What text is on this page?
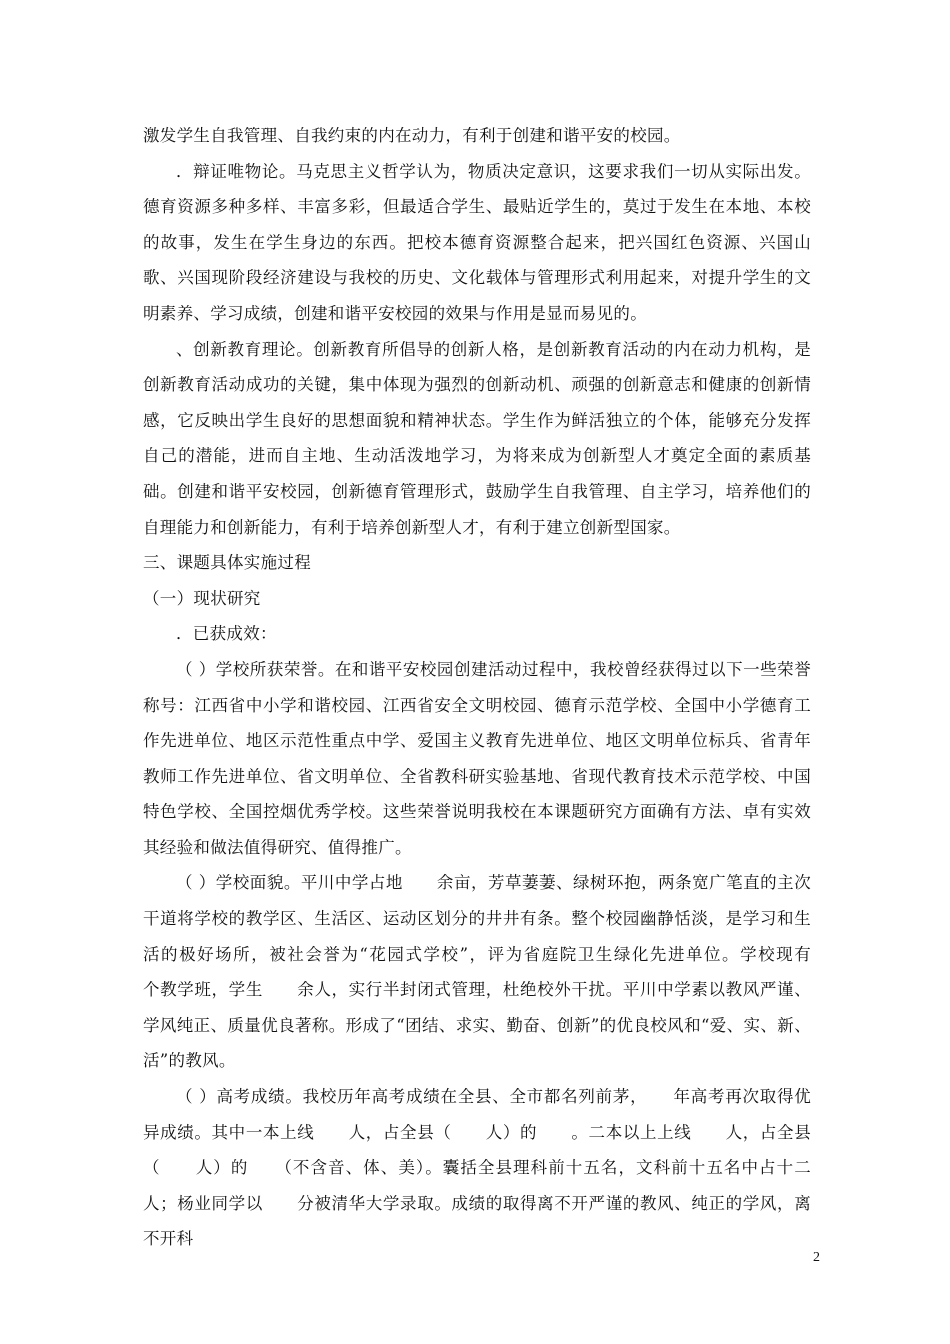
激发学生自我管理、自我约束的内在动力，有利于创建和谐平安的校园。

．辩证唯物论。马克思主义哲学认为，物质决定意识，这要求我们一切从实际出发。德育资源多种多样、丰富多彩，但最适合学生、最贴近学生的，莫过于发生在本地、本校的故事，发生在学生身边的东西。把校本德育资源整合起来，把兴国红色资源、兴国山歌、兴国现阶段经济建设与我校的历史、文化载体与管理形式利用起来，对提升学生的文明素养、学习成绩，创建和谐平安校园的效果与作用是显而易见的。

、创新教育理论。创新教育所倡导的创新人格，是创新教育活动的内在动力机构，是创新教育活动成功的关键，集中体现为强烈的创新动机、顽强的创新意志和健康的创新情感，它反映出学生良好的思想面貌和精神状态。学生作为鲜活独立的个体，能够充分发挥自己的潜能，进而自主地、生动活泼地学习，为将来成为创新型人才奠定全面的素质基础。创建和谐平安校园，创新德育管理形式，鼓励学生自我管理、自主学习，培养他们的自理能力和创新能力，有利于培养创新型人才，有利于建立创新型国家。

三、课题具体实施过程

（一）现状研究

．已获成效：

（ ）学校所获荣誉。在和谐平安校园创建活动过程中，我校曾经获得过以下一些荣誉称号：江西省中小学和谐校园、江西省安全文明校园、德育示范学校、全国中小学德育工作先进单位、地区示范性重点中学、爱国主义教育先进单位、地区文明单位标兵、省青年教师工作先进单位、省文明单位、全省教科研实验基地、省现代教育技术示范学校、中国特色学校、全国控烟优秀学校。这些荣誉说明我校在本课题研究方面确有方法、卓有实效 其经验和做法值得研究、值得推广。

（ ）学校面貌。平川中学占地　　余亩，芳草萋萋、绿树环抱，两条宽广笔直的主次干道将学校的教学区、生活区、运动区划分的井井有条。整个校园幽静恬淡，是学习和生活的极好场所，被社会誉为“花园式学校”，评为省庭院卫生绿化先进单位。学校现有　　个教学班，学生　　余人，实行半封闭式管理，杜绝校外干扰。平川中学素以教风严谨、学风纯正、质量优良著称。形成了“团结、求实、勤奋、创新”的优良校风和“爱、实、新、活”的教风。

（ ）高考成绩。我校历年高考成绩在全县、全市都名列前茅，　　年高考再次取得优异成绩。其中一本上线　　人，占全县（　　人）的　　。二本以上上线　　人，占全县（　　人）的　　（不含音、体、美）。囊括全县理科前十五名，文科前十五名中占十二人；杨业同学以　　分被清华大学录取。成绩的取得离不开严谨的教风、纯正的学风，离不开科

2
